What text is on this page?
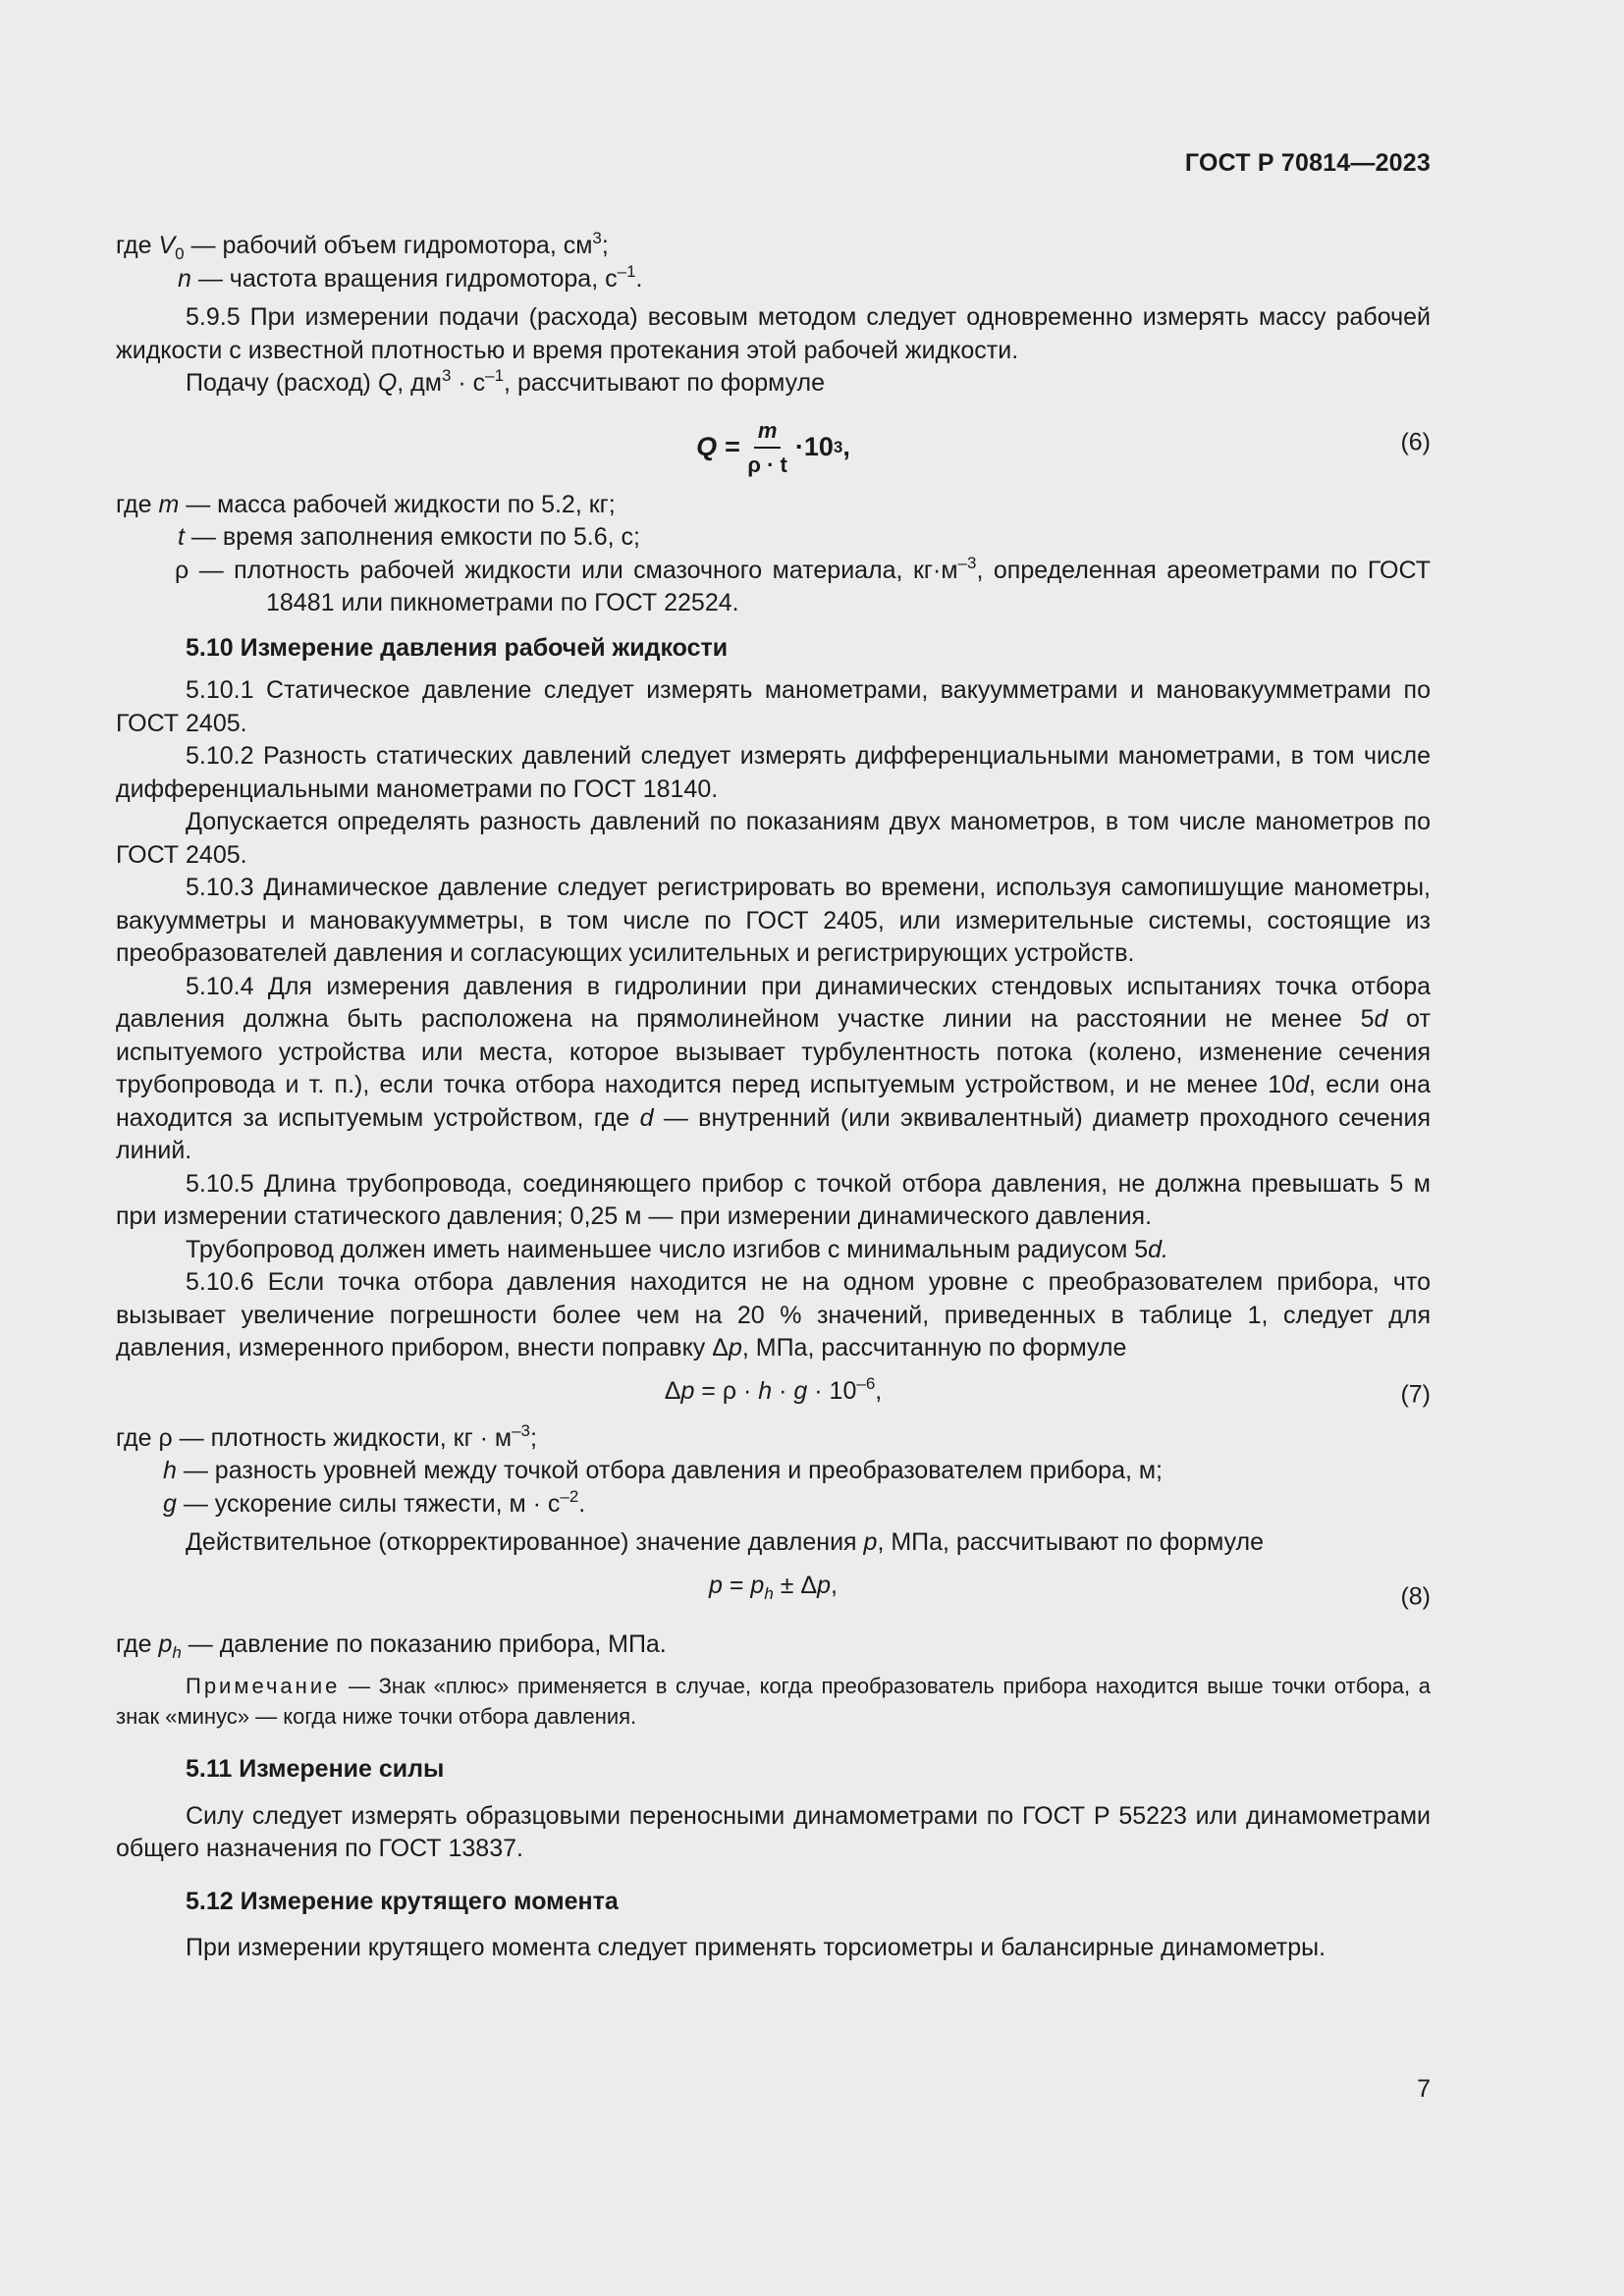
ГОСТ Р 70814—2023

где $V_0$ — рабочий объем гидромотора, $см^3$;

n — частота вращения гидромотора, $с^{-1}$.

5.9.5 При измерении подачи (расхода) весовым методом следует одновременно измерять массу рабочей жидкости с известной плотностью и время протекания этой рабочей жидкости.

Подачу (расход) Q, $дм^3 \cdot с^{-1}$, рассчитывают по формуле

$Q = \frac{m}{\rho \cdot t} \cdot 10$ 3 ,	(6)

где m — масса рабочей жидкости по 5.2, кг;

t — время заполнения емкости по 5.6, с;

ρ — плотность рабочей жидкости или смазочного материала, $кг\cdot м^{-3}$, определенная ареометрами по ГОСТ 18481 или пикнометрами по ГОСТ 22524.

5.10 Измерение давления рабочей жидкости

5.10.1 Статическое давление следует измерять манометрами, вакуумметрами и мановакуумметрами по ГОСТ 2405.

5.10.2 Разность статических давлений следует измерять дифференциальными манометрами, в том числе дифференциальными манометрами по ГОСТ 18140.

Допускается определять разность давлений по показаниям двух манометров, в том числе манометров по ГОСТ 2405.

5.10.3 Динамическое давление следует регистрировать во времени, используя самопишущие манометры, вакуумметры и мановакуумметры, в том числе по ГОСТ 2405, или измерительные системы, состоящие из преобразователей давления и согласующих усилительных и регистрирующих устройств.

5.10.4 Для измерения давления в гидролинии при динамических стендовых испытаниях точка отбора давления должна быть расположена на прямолинейном участке линии на расстоянии не менее 5d от испытуемого устройства или места, которое вызывает турбулентность потока (колено, изменение сечения трубопровода и т. п.), если точка отбора находится перед испытуемым устройством, и не менее 10d, если она находится за испытуемым устройством, где d — внутренний (или эквивалентный) диаметр проходного сечения линий.

5.10.5 Длина трубопровода, соединяющего прибор с точкой отбора давления, не должна превышать 5 м при измерении статического давления; 0,25 м — при измерении динамического давления.

Трубопровод должен иметь наименьшее число изгибов с минимальным радиусом 5d.

5.10.6 Если точка отбора давления находится не на одном уровне с преобразователем прибора, что вызывает увеличение погрешности более чем на 20 % значений, приведенных в таблице 1, следует для давления, измеренного прибором, внести поправку Δp, МПа, рассчитанную по формуле

$\Delta p = \rho \cdot h \cdot g \cdot 10^{-6}$,	(7)

где ρ — плотность жидкости, кг · $м^{-3}$;

h — разность уровней между точкой отбора давления и преобразователем прибора, м;

g — ускорение силы тяжести, $м \cdot с^{-2}$.

Действительное (откорректированное) значение давления p, МПа, рассчитывают по формуле

$p = p_h \pm \Delta p$,	(8)

где $p_h$ — давление по показанию прибора, МПа.

Примечание — Знак «плюс» применяется в случае, когда преобразователь прибора находится выше точки отбора, а знак «минус» — когда ниже точки отбора давления.

5.11 Измерение силы

Силу следует измерять образцовыми переносными динамометрами по ГОСТ Р 55223 или динамометрами общего назначения по ГОСТ 13837.

5.12 Измерение крутящего момента

При измерении крутящего момента следует применять торсиометры и балансирные динамометры.

7
